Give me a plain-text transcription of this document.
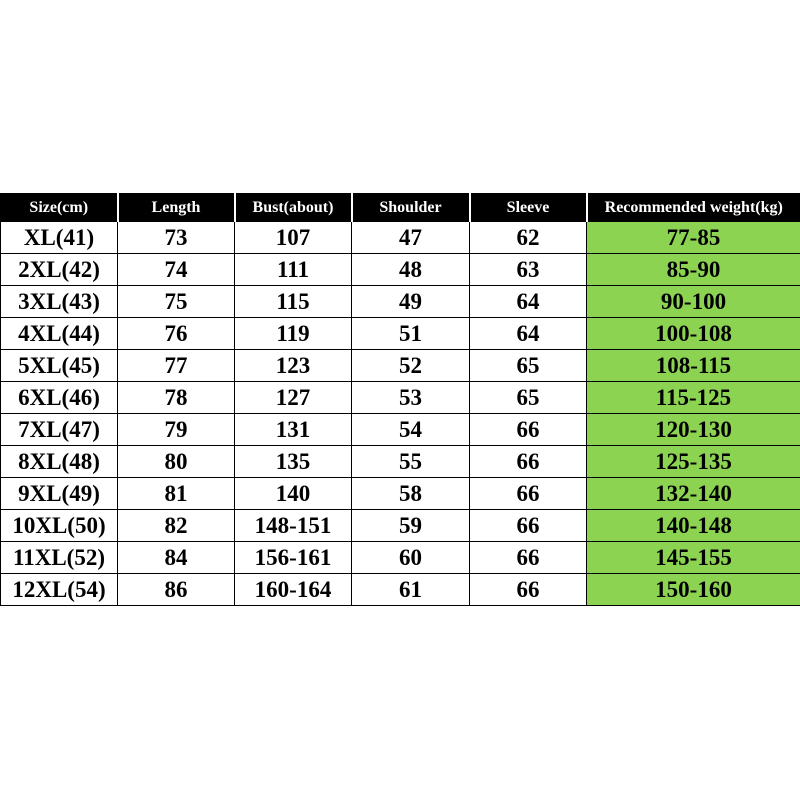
Size(cm)	Length	Bust(about)	Shoulder	Sleeve	Recommended weight(kg)
XL(41)	73	107	47	62	77-85
2XL(42)	74	111	48	63	85-90
3XL(43)	75	115	49	64	90-100
4XL(44)	76	119	51	64	100-108
5XL(45)	77	123	52	65	108-115
6XL(46)	78	127	53	65	115-125
7XL(47)	79	131	54	66	120-130
8XL(48)	80	135	55	66	125-135
9XL(49)	81	140	58	66	132-140
10XL(50)	82	148-151	59	66	140-148
11XL(52)	84	156-161	60	66	145-155
12XL(54)	86	160-164	61	66	150-160
